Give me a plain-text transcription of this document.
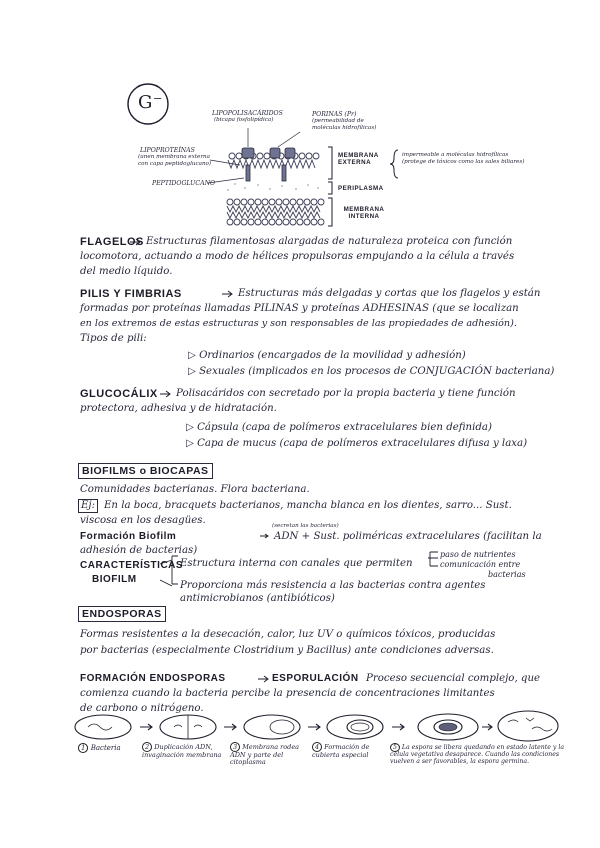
G⁻
LIPOPOLISACÁRIDOS
(bicapa fosfolipídica)
PORINAS (Pr)
(permeabilidad de
moléculas hidrofílicas)
LIPOPROTEÍNAS
(unen membrana externa
con capa peptidoglucano)
PEPTIDOGLUCANO
MEMBRANA EXTERNA
impermeable a moléculas hidrofílicas
(protege de tóxicos como las sales biliares)
PERIPLASMA
MEMBRANA INTERNA
FLAGELOS Estructuras filamentosas alargadas de naturaleza proteica con función
locomotora, actuando a modo de hélices propulsoras empujando a la célula a través
del medio líquido.
PILIS Y FIMBRIAS	Estructuras más delgadas y cortas que los flagelos y están
formadas por proteínas llamadas PILINAS y proteínas ADHESINAS (que se localizan
en los extremos de estas estructuras y son responsables de las propiedades de adhesión).
Tipos de pili:
▷ Ordinarios (encargados de la movilidad y adhesión)
▷ Sexuales (implicados en los procesos de CONJUGACIÓN bacteriana)
GLUCOCÁLIX Polisacáridos con secretado por la propia bacteria y tiene función
protectora, adhesiva y de hidratación.
▷ Cápsula (capa de polímeros extracelulares bien definida)
▷ Capa de mucus (capa de polímeros extracelulares difusa y laxa)
BIOFILMS o BIOCAPAS
Comunidades bacterianas. Flora bacteriana.
Ej: En la boca, bracquets bacterianos, mancha blanca en los dientes, sarro... Sust.
viscosa en los desagües.	(secretan las bacterias)
Formación Biofilm	ADN + Sust. poliméricas extracelulares (facilitan la
adhesión de bacterias)
CARACTERÍSTICAS
BIOFILM
Estructura interna con canales que permiten
paso de nutrientes
comunicación entre
bacterias
Proporciona más resistencia a las bacterias contra agentes
antimicrobianos (antibióticos)
ENDOSPORAS
Formas resistentes a la desecación, calor, luz UV o químicos tóxicos, producidas
por bacterias (especialmente Clostridium y Bacillus) ante condiciones adversas.
FORMACIÓN ENDOSPORAS	ESPORULACIÓN Proceso secuencial complejo, que
comienza cuando la bacteria percibe la presencia de concentraciones limitantes
de carbono o nitrógeno.
1 Bacteria	2 Duplicación ADN, invaginación membrana
3 Membrana rodea ADN y parte del citoplasma
4 Formación de cubierta especial
5 La espora se libera quedando en estado latente y la célula vegetativa desaparece. Cuando las condiciones vuelven a ser favorables, la espora germina.
